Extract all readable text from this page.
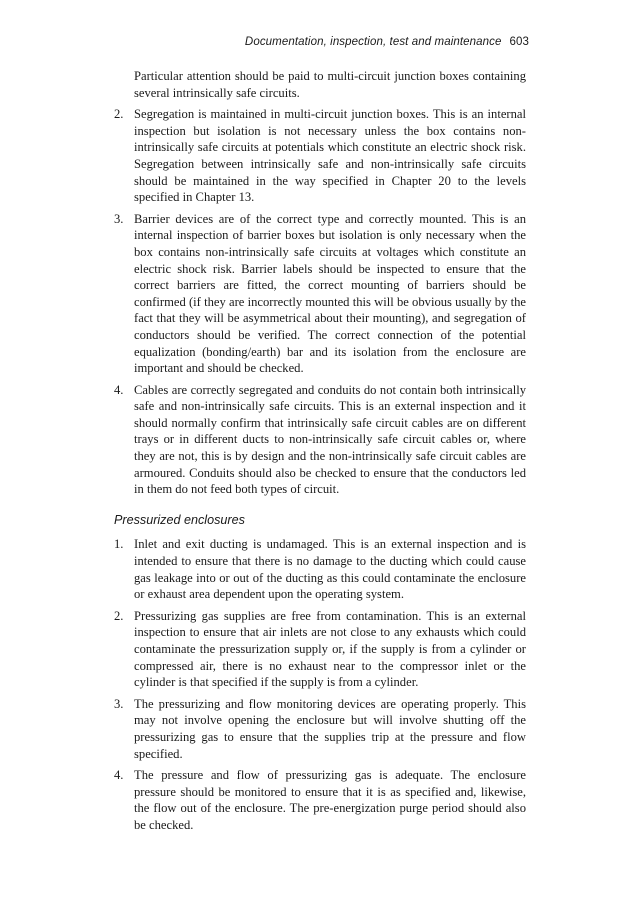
Documentation, inspection, test and maintenance 603

Particular attention should be paid to multi-circuit junction boxes containing several intrinsically safe circuits.

2. Segregation is maintained in multi-circuit junction boxes. This is an internal inspection but isolation is not necessary unless the box contains non-intrinsically safe circuits at potentials which constitute an electric shock risk. Segregation between intrinsically safe and non-intrinsically safe circuits should be maintained in the way specified in Chapter 20 to the levels specified in Chapter 13.

3. Barrier devices are of the correct type and correctly mounted. This is an internal inspection of barrier boxes but isolation is only necessary when the box contains non-intrinsically safe circuits at voltages which constitute an electric shock risk. Barrier labels should be inspected to ensure that the correct barriers are fitted, the correct mounting of barriers should be confirmed (if they are incorrectly mounted this will be obvious usually by the fact that they will be asymmetrical about their mounting), and segregation of conductors should be verified. The correct connection of the potential equalization (bonding/earth) bar and its isolation from the enclosure are important and should be checked.

4. Cables are correctly segregated and conduits do not contain both intrinsically safe and non-intrinsically safe circuits. This is an external inspection and it should normally confirm that intrinsically safe circuit cables are on different trays or in different ducts to non-intrinsically safe circuit cables or, where they are not, this is by design and the non-intrinsically safe circuit cables are armoured. Conduits should also be checked to ensure that the conductors led in them do not feed both types of circuit.

Pressurized enclosures

1. Inlet and exit ducting is undamaged. This is an external inspection and is intended to ensure that there is no damage to the ducting which could cause gas leakage into or out of the ducting as this could contaminate the enclosure or exhaust area dependent upon the operating system.

2. Pressurizing gas supplies are free from contamination. This is an external inspection to ensure that air inlets are not close to any exhausts which could contaminate the pressurization supply or, if the supply is from a cylinder or compressed air, there is no exhaust near to the compressor inlet or the cylinder is that specified if the supply is from a cylinder.

3. The pressurizing and flow monitoring devices are operating properly. This may not involve opening the enclosure but will involve shutting off the pressurizing gas to ensure that the supplies trip at the pressure and flow specified.

4. The pressure and flow of pressurizing gas is adequate. The enclosure pressure should be monitored to ensure that it is as specified and, likewise, the flow out of the enclosure. The pre-energization purge period should also be checked.
